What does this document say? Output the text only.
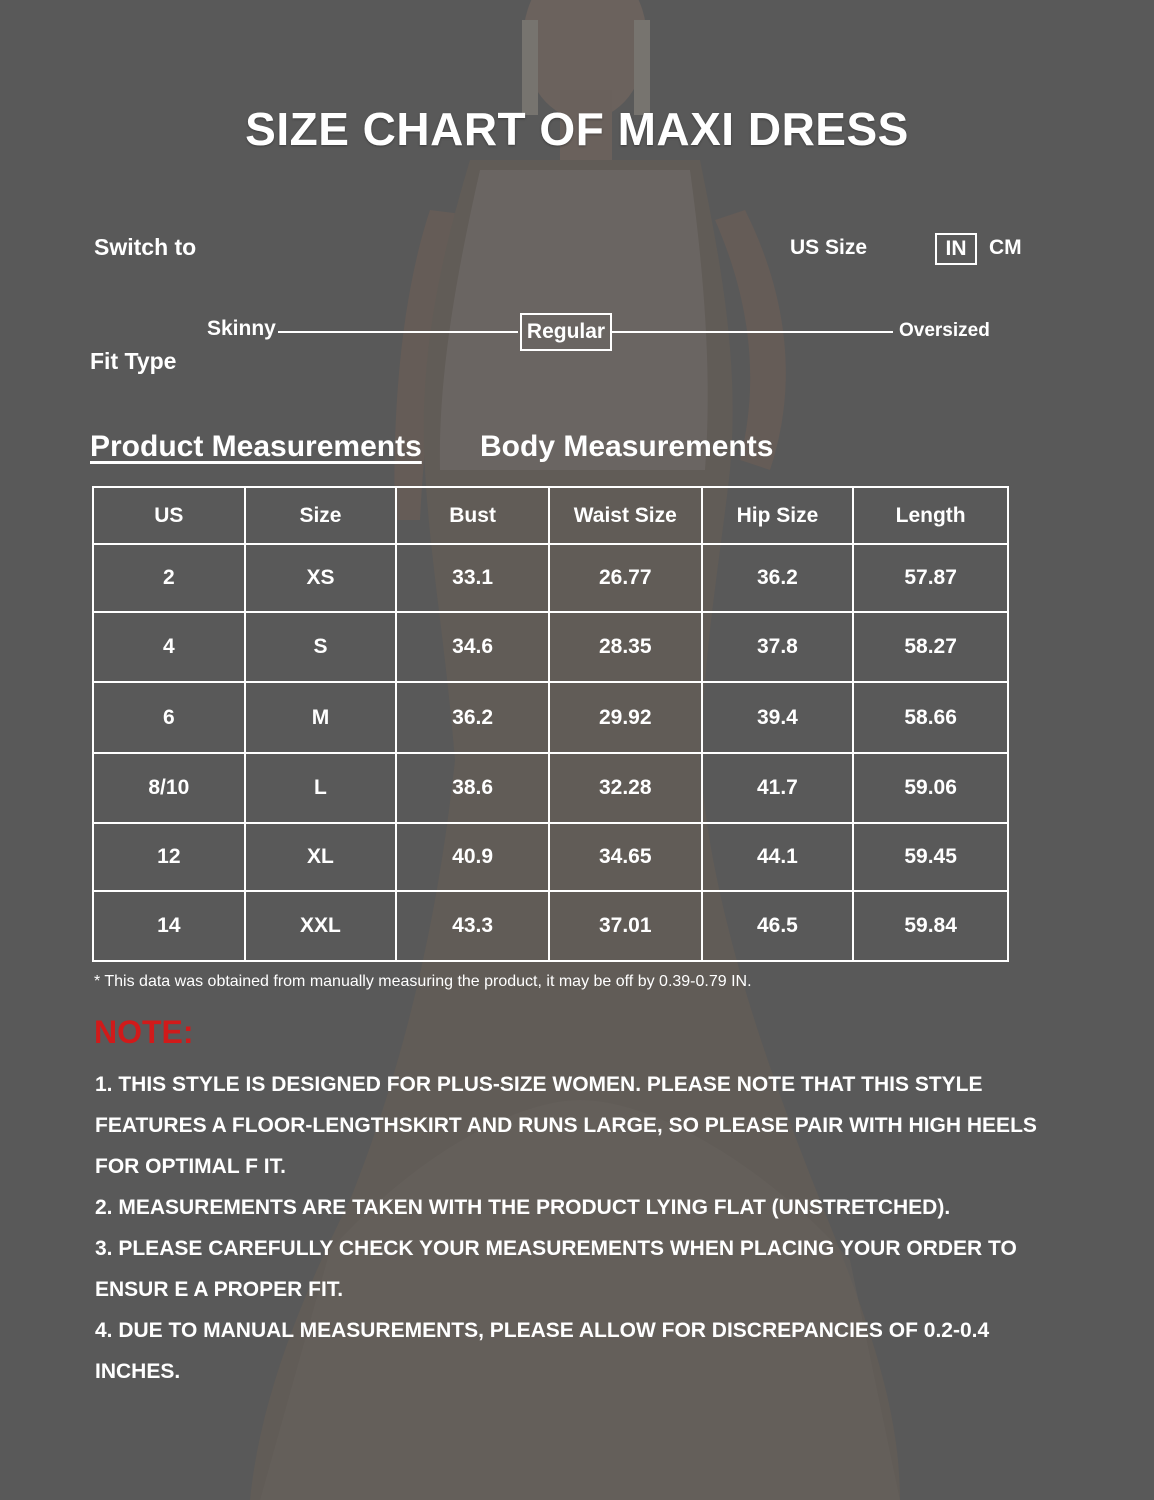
SIZE CHART OF MAXI DRESS
Switch to	US Size	IN	CM
Skinny	Regular	Oversized
Fit Type
Product Measurements Body Measurements
US	Size	Bust	Waist Size	Hip Size	Length
2	XS	33.1	26.77	36.2	57.87
4	S	34.6	28.35	37.8	58.27
6	M	36.2	29.92	39.4	58.66
8/10	L	38.6	32.28	41.7	59.06
12	XL	40.9	34.65	44.1	59.45
14	XXL	43.3	37.01	46.5	59.84
* This data was obtained from manually measuring the product, it may be off by 0.39-0.79 IN.
NOTE:

1. THIS STYLE IS DESIGNED FOR PLUS-SIZE WOMEN. PLEASE NOTE THAT THIS STYLE FEATURES A FLOOR-LENGTHSKIRT AND RUNS LARGE, SO PLEASE PAIR WITH HIGH HEELS FOR OPTIMAL F IT.

2. MEASUREMENTS ARE TAKEN WITH THE PRODUCT LYING FLAT (UNSTRETCHED).

3. PLEASE CAREFULLY CHECK YOUR MEASUREMENTS WHEN PLACING YOUR ORDER TO ENSUR E A PROPER FIT.

4. DUE TO MANUAL MEASUREMENTS, PLEASE ALLOW FOR DISCREPANCIES OF 0.2-0.4 INCHES.
